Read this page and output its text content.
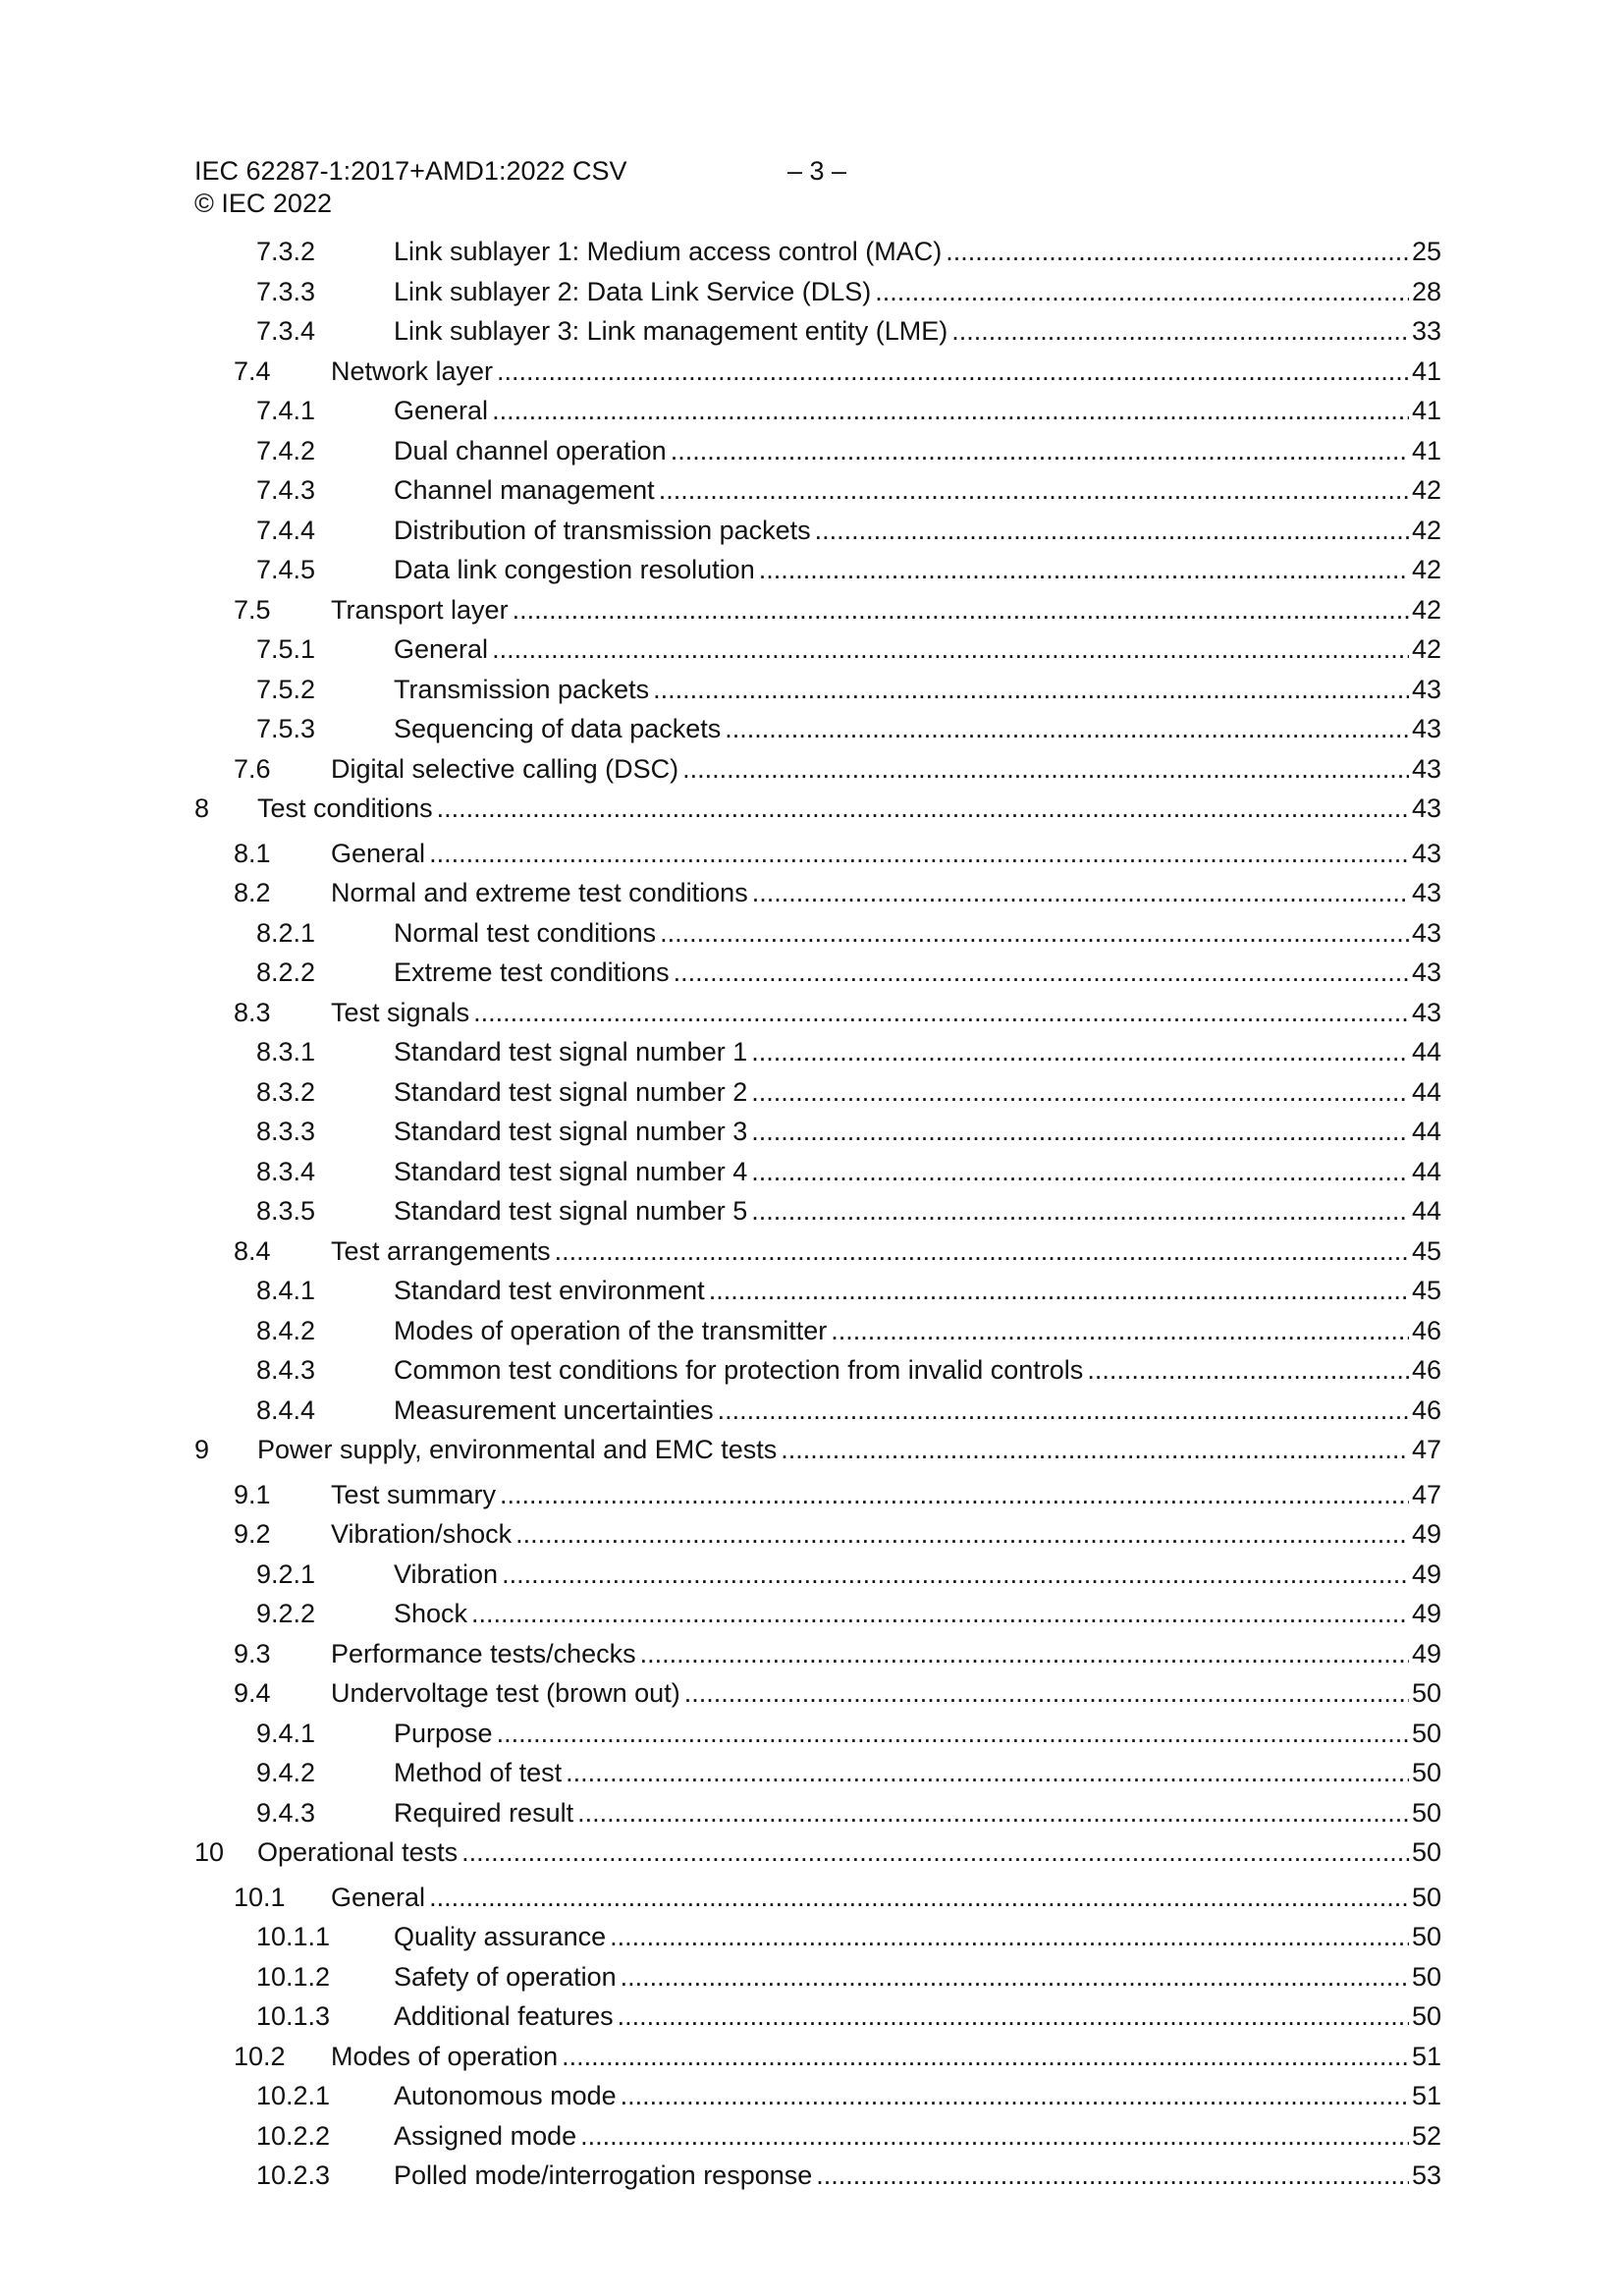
IEC 62287-1:2017+AMD1:2022 CSV	– 3 –
© IEC 2022
7.3.2	Link sublayer 1: Medium access control (MAC) .....	25
7.3.3	Link sublayer 2: Data Link Service (DLS) .....	28
7.3.4	Link sublayer 3: Link management entity (LME) .....	33
7.4 Network layer .....	41
7.4.1	General .....	41
7.4.2	Dual channel operation .....	41
7.4.3	Channel management .....	42
7.4.4	Distribution of transmission packets .....	42
7.4.5	Data link congestion resolution .....	42
7.5 Transport layer .....	42
7.5.1	General .....	42
7.5.2	Transmission packets .....	43
7.5.3	Sequencing of data packets .....	43
7.6 Digital selective calling (DSC) .....	43
8 Test conditions .....	43
8.1 General .....	43
8.2 Normal and extreme test conditions .....	43
8.2.1	Normal test conditions .....	43
8.2.2	Extreme test conditions .....	43
8.3 Test signals .....	43
8.3.1	Standard test signal number 1 .....	44
8.3.2	Standard test signal number 2 .....	44
8.3.3	Standard test signal number 3 .....	44
8.3.4	Standard test signal number 4 .....	44
8.3.5	Standard test signal number 5 .....	44
8.4 Test arrangements .....	45
8.4.1	Standard test environment .....	45
8.4.2	Modes of operation of the transmitter .....	46
8.4.3	Common test conditions for protection from invalid controls .....	46
8.4.4	Measurement uncertainties .....	46
9 Power supply, environmental and EMC tests .....	47
9.1 Test summary .....	47
9.2 Vibration/shock .....	49
9.2.1	Vibration .....	49
9.2.2	Shock .....	49
9.3 Performance tests/checks .....	49
9.4 Undervoltage test (brown out) .....	50
9.4.1	Purpose .....	50
9.4.2	Method of test .....	50
9.4.3	Required result .....	50
10 Operational tests .....	50
10.1 General .....	50
10.1.1 Quality assurance .....	50
10.1.2 Safety of operation .....	50
10.1.3 Additional features .....	50
10.2 Modes of operation .....	51
10.2.1 Autonomous mode .....	51
10.2.2 Assigned mode .....	52
10.2.3 Polled mode/interrogation response .....	53
